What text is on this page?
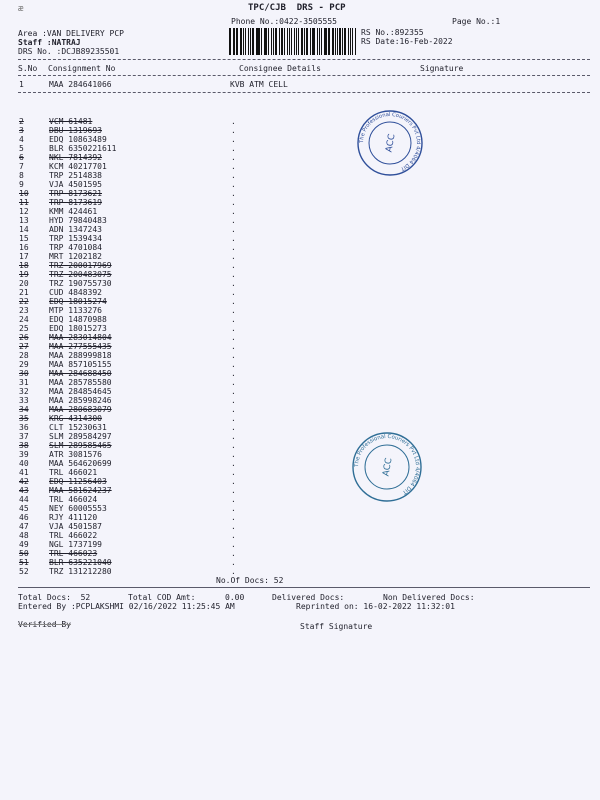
æ	TPC/CJB  DRS - PCP
Phone No.:0422-3505555	Page No.:1
Area :VAN DELIVERY PCP
Staff :NATRAJ
DRS No. :DCJB89235501
RS No.:892355
RS Date:16-Feb-2022
S.No Consignment No	Consignee Details	Signature
1	MAA 284641066	KVB ATM CELL
2	VCM 61481	.
3	DBU 1319693	.
4	EDQ 10863489	.
5	BLR 6350221611	.
6	NKL 7814392	.
7	KCM 40217701	.
8	TRP 2514838	.
9	VJA 4501595	.
10	TRP 8173621	.
11	TRP 8173619	.
12	KMM 424461	.
13	HYD 79840483	.
14	ADN 1347243	.
15	TRP 1539434	.
16	TRP 4701084	.
17	MRT 1202182	.
18	TRZ 200017969	.
19	TRZ 200483075	.
20	TRZ 190755730	.
21	CUD 4848392	.
22	EDQ 18015274	.
23	MTP 1133276	.
24	EDQ 14870988	.
25	EDQ 18015273	.
26	MAA 283014804	.
27	MAA 277555435	.
28	MAA 288999818	.
29	MAA 857105155	.
30	MAA 284688450	.
31	MAA 285785580	.
32	MAA 284854645	.
33	MAA 285998246	.
34	MAA 280683079	.
35	KRG 4314300	.
36	CLT 15230631	.
37	SLM 289584297	.
38	SLM 289585465	.
39	ATR 3081576	.
40	MAA 564620699	.
41	TRL 466021	.
42	EDQ 11256403	.
43	MAA 581624237	.
44	TRL 466024	.
45	NEY 60005553	.
46	RJY 411120	.
47	VJA 4501587	.
48	TRL 466022	.
49	NGL 1737199	.
50	TRL 466023	.
51	BLR 635221040	.
52	TRZ 131212280	.
The Professional Couriers Pvt Ltd 4/4064 DIT
ACC
The Professional Couriers Pvt Ltd 4/4064 DIT
ACC
No.Of Docs: 52
Total Docs:  52	Total COD Amt:	0.00	Delivered Docs:	Non Delivered Docs:
Entered By :PCPLAKSHMI 02/16/2022 11:25:45 AM	Reprinted on: 16-02-2022 11:32:01
Verified By	Staff Signature
